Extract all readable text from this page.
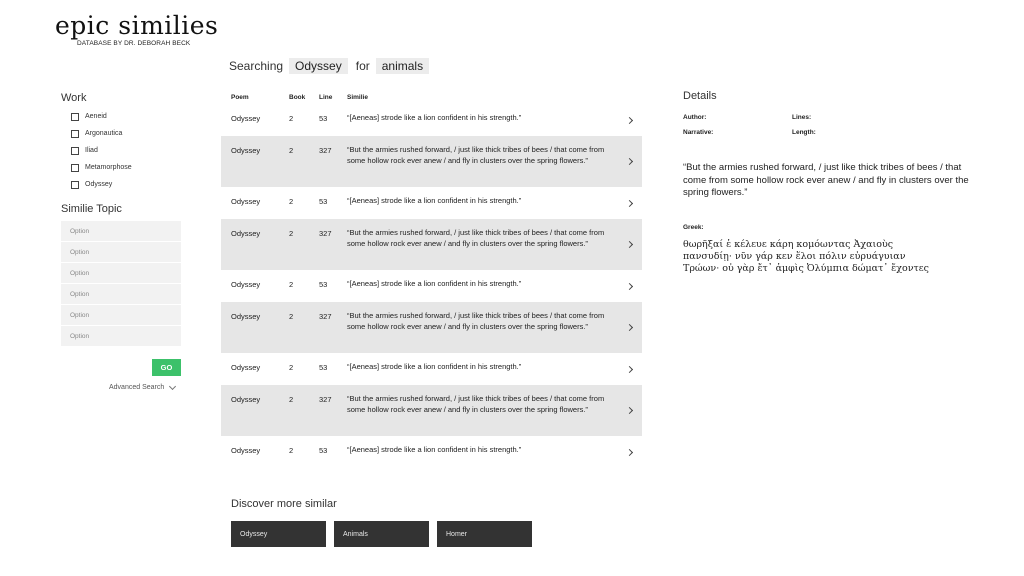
epic similies
DATABASE BY DR. DEBORAH BECK
Searching	Odyssey	for	animals
Work
Aeneid
Argonautica
Iliad
Metamorphose
Odyssey
Similie Topic
Option
Option
Option
Option
Option
Option
GO
Advanced Search
Poem	Book	Line	Similie
Odyssey	2	53	“[Aeneas] strode like a lion confident in his strength.”
Odyssey	2	327	“But the armies rushed forward, / just like thick tribes of bees / that come from some hollow rock ever anew / and fly in clusters over the spring flowers.”
Odyssey	2	53	“[Aeneas] strode like a lion confident in his strength.”
Odyssey	2	327	“But the armies rushed forward, / just like thick tribes of bees / that come from some hollow rock ever anew / and fly in clusters over the spring flowers.”
Odyssey	2	53	“[Aeneas] strode like a lion confident in his strength.”
Odyssey	2	327	“But the armies rushed forward, / just like thick tribes of bees / that come from some hollow rock ever anew / and fly in clusters over the spring flowers.”
Odyssey	2	53	“[Aeneas] strode like a lion confident in his strength.”
Odyssey	2	327	“But the armies rushed forward, / just like thick tribes of bees / that come from some hollow rock ever anew / and fly in clusters over the spring flowers.”
Odyssey	2	53	“[Aeneas] strode like a lion confident in his strength.”
Discover more similar
Odyssey	Animals	Homer
Details
Author:	Lines:
Narrative:	Length:
“But the armies rushed forward, / just like thick tribes of bees / that come from some hollow rock ever anew / and fly in clusters over the spring flowers.”
Greek:
θωρῆξαί ἑ κέλευε κάρη κομόωντας Ἀχαιοὺς
πανσυδίῃ· νῦν γάρ κεν ἕλοι πόλιν εὐρυάγυιαν
Τρώων· οὐ γὰρ ἔτ᾽ ἀμφὶς Ὀλύμπια δώματ᾽ ἔχοντες
